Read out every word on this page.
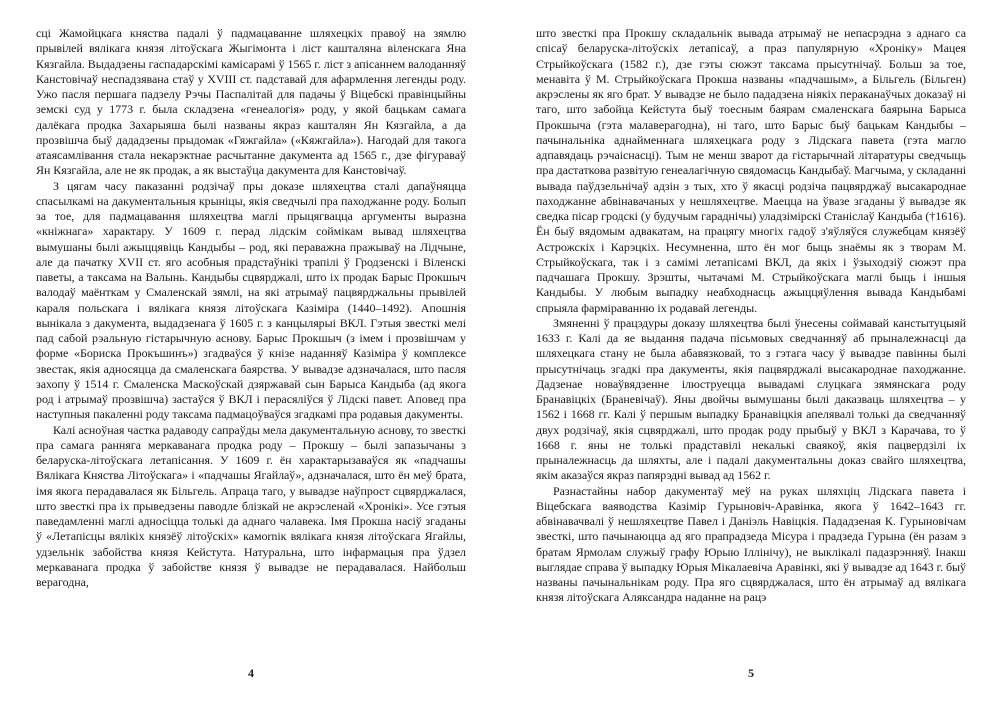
сці Жамойцкага княства падалі ў падмацаванне шляхецкіх правоў на зямлю прывілей вялікага князя літоўскага Жыгімонта і ліст кашталяна віленскага Яна Кязгайла. Выдадзены гаспадарскімі камісарамі ў 1565 г. ліст з апісаннем валоданняў Канстовічаў неспадзявана стаў у XVIII ст. падставай для афармлення легенды роду. Ужо пасля першага падзелу Рэчы Паспалітай для падачы ў Віцебскі правінцыйны земскі суд у 1773 г. была складзена «генеалогія» роду, у якой бацькам самага далёкага продка Захарыяша былі названы якраз кашталян Ян Кязгайла, а да прозвішча быў дададзены прыдомак «Гяжгайла» («Кяжгайла»). Нагодай для такога атаясамлівання стала некарэктнае расчытанне дакумента ад 1565 г., дзе фігураваў Ян Кязгайла, але не як продак, а як выстаўца дакумента для Канстовічаў.

З цягам часу паказанні родзічаў пры доказе шляхецтва сталі дапаўняцца спасылкамі на дакументальныя крыніцы, якія сведчылі пра паходжанне роду. Болып за тое, для падмацавання шляхецтва маглі прыцягвацца аргументы выразна «кніжнага» характару. У 1609 г. перад лідскім соймікам вывад шляхецтва вымушаны былі ажыццявіць Кандыбы – род, які пераважна пражываў на Лідчыне, але да пачатку XVII ст. яго асобныя прадстаўнікі трапілі ў Гродзенскі і Віленскі паветы, а таксама на Валынь. Кандыбы сцвярджалі, што іх продак Барыс Прокшыч валодаў маёнткам у Смаленскай зямлі, на які атрымаў пацвярджальны прывілей караля польскага і вялікага князя літоўскага Казіміра (1440–1492). Апошнія вынікала з дакумента, выдадзенага ў 1605 г. з канцылярыі ВКЛ. Гэтыя звесткі мелі пад сабой рэальную гістарычную аснову. Барыс Прокшыч (з імем і прозвішчам у форме «Бориска Прокъшинъ») згадваўся ў кнізе наданняў Казіміра ў комплексе звестак, якія адносяцца да смаленскага баярства. У вывадзе адзначалася, што пасля захопу ў 1514 г. Смаленска Маскоўскай дзяржавай сын Барыса Кандыба (ад якога род і атрымаў прозвішча) застаўся ў ВКЛ і перасяліўся ў Лідскі павет. Аповед пра наступныя пакаленні роду таксама падмацоўваўся згадкамі пра родавыя дакументы.

Калі асноўная частка радаводу сапраўды мела дакументальную аснову, то звесткі пра самага ранняга меркаванага продка роду – Прокшу – былі запазычаны з беларуска-літоўскага летапісання. У 1609 г. ён характарызаваўся як «падчашы Вялікага Княства Літоўскага» і «падчашы Ягайлаў», адзначалася, што ён меў брата, імя якога перадавалася як Більгель. Апраца таго, у вывадзе наўпрост сцвярджалася, што звесткі пра іх прыведзены паводле блізкай не акрэсленай «Хронікі». Усе гэтыя паведамленні маглі адносіцца толькі да аднаго чалавека. Імя Прокша насіў згаданы ў «Летапісцы вялікіх князёў літоўскіх» камornік вялікага князя літоўскага Ягайлы, удзельнік забойства князя Кейстута. Натуральна, што інфармацыя пра ўдзел меркаванага продка ў забойстве князя ў вывадзе не перадавалася. Найбольш верагодна,

4

што звесткі пра Прокшу складальнік вывада атрымаў не непасрэдна з аднаго са спісаў беларуска-літоўскіх летапісаў, а праз папулярную «Хроніку» Мацея Стрыйкоўскага (1582 г.), дзе гэты сюжэт таксама прысутнічаў. Больш за тое, менавіта ў М. Стрыйкоўскага Прокша названы «падчашым», а Більгель (Більген) акрэслены як яго брат. У вывадзе не было пададзена ніякіх пераканаўчых доказаў ні таго, што забойца Кейстута быў тоесным баярам смаленскага баярына Барыса Прокшыча (гэта малаверагодна), ні таго, што Барыс быў бацькам Кандыбы – пачынальніка аднайменнага шляхецкага роду з Лідскага павета (гэта магло адпавядаць рэчаіснасці). Тым не менш зварот да гістарычнай літаратуры сведчыць пра дастаткова развітую генеалагічную свядомасць Кандыбаў. Магчыма, у складанні вывада паўдзельнічаў адзін з тых, хто ў якасці родзіча пацвярджаў высакароднае паходжанне абвінавачаных у нешляхецтве. Маецца на ўвазе згаданы ў вывадзе як сведка пісар гродскі (у будучым гараднічы) уладзімірскі Станіслаў Кандыба (†1616). Ён быў вядомым адвакатам, на працягу многіх гадоў з'яўляўся служебцам князёў Астрожскіх і Карэцкіх. Несумненна, што ён мог быць знаёмы як з творам М. Стрыйкоўскага, так і з самімі летапісамі ВКЛ, да якіх і ўзыходзіў сюжэт пра падчашага Прокшу. Зрэшты, чытачамі М. Стрыйкоўскага маглі быць і іншыя Кандыбы. У любым выпадку неабходнасць ажыццяўлення вывада Кандыбамі спрыяла фарміраванню іх родавай легенды.

Змяненні ў працэдуры доказу шляхецтва былі ўнесены соймавай канстытуцыяй 1633 г. Калі да яе выдання падача пісьмовых сведчанняў аб прыналежнасці да шляхецкага стану не была абавязковай, то з гэтага часу ў вывадзе павінны былі прысутнічаць згадкі пра дакументы, якія пацвярджалі высакароднае паходжанне. Дадзенае новаўвядзенне ілюструецца вывадамі слуцкага зямянскага роду Бранавіцкіх (Браневічаў). Яны двойчы вымушаны былі даказваць шляхецтва – у 1562 і 1668 гг. Калі ў першым выпадку Бранавіцкія апелявалі толькі да сведчанняў двух родзічаў, якія сцвярджалі, што продак роду прыбыў у ВКЛ з Карачава, то ў 1668 г. яны не толькі прадставілі некалькі сваякоў, якія пацвердзілі іх прыналежнасць да шляхты, але і падалі дакументальны доказ свайго шляхецтва, якім аказаўся якраз папярэдні вывад ад 1562 г.

Разнастайны набор дакументаў меў на руках шляхціц Лідскага павета і Віцебскага ваяводства Казімір Гурыновіч-Аравінка, якога ў 1642–1643 гг. абвінавачвалі ў нешляхецтве Павел і Даніэль Навіцкія. Пададзеная К. Гурыновічам звесткі, што пачынаюцца ад яго прапрадзеда Місура і прадзеда Гурына (ён разам з братам Ярмолам служыў графу Юрыю Іллінічу), не выклікалі падазрэнняў. Інакш выглядае справа ў выпадку Юрыя Мікалаевіча Аравінкі, які ў вывадзе ад 1643 г. быў названы пачынальнікам роду. Пра яго сцвярджалася, што ён атрымаў ад вялікага князя літоўскага Аляксандра наданне на рацэ

5
